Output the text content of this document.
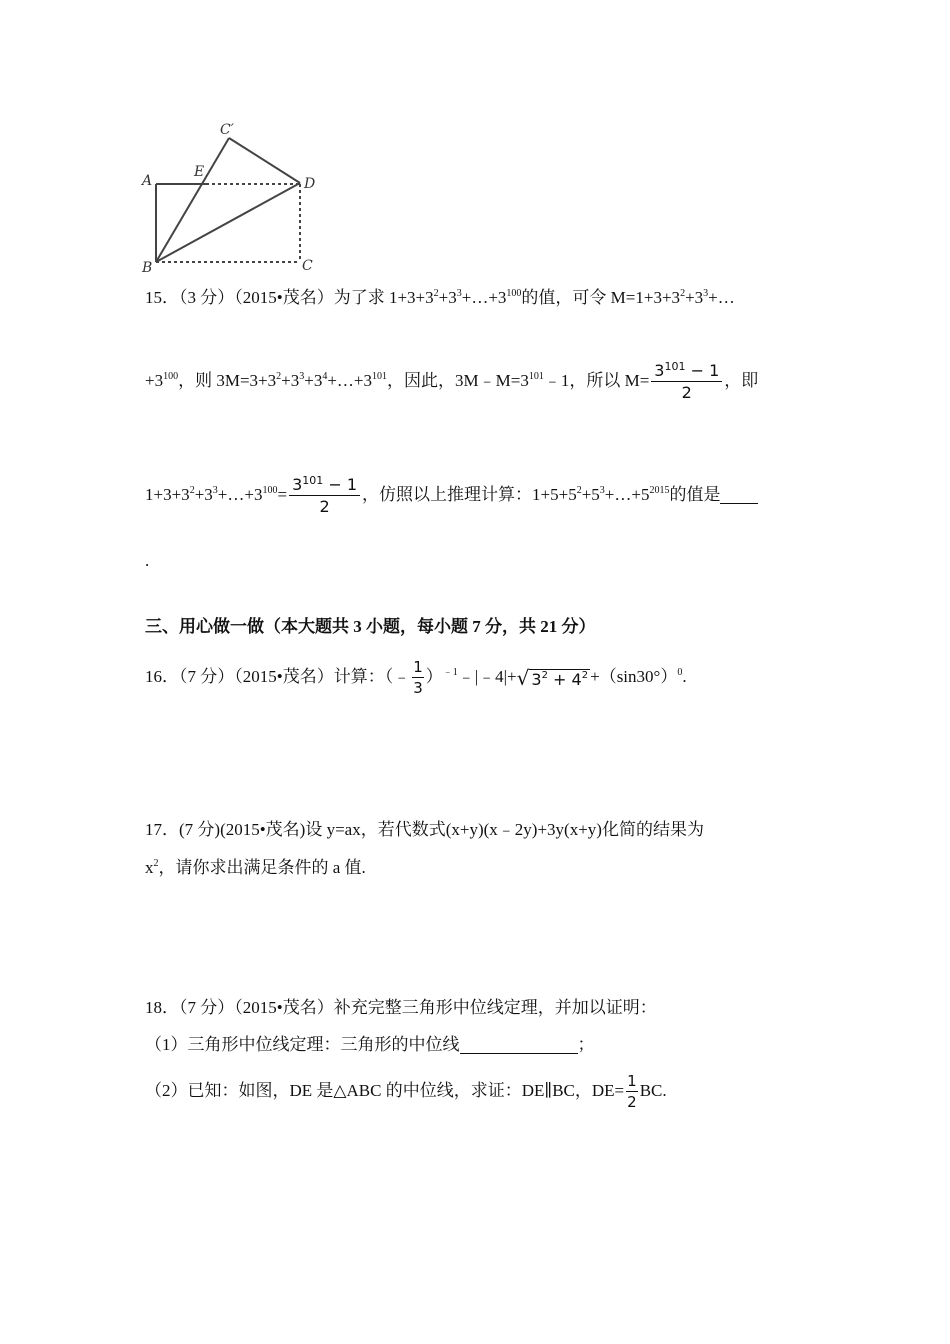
A
B	C
C′
D
E
15．（3 分）（2015•茂名）为了求 $1+3+3^2+3^3+\dots+3^{100}$的值，可令 $M=1+3+3^2+3^3+\dots$
$+3^{100}$，则 $3M=3+3^2+3^3+3^4+\dots+3^{101}$，因此，$3M﹣M=3^{101}﹣1$，所以 $M= \frac{3^{101} - 1}{2}$ ，即
$1+3+3^2+3^3+\dots+3^{100}= \frac{3^{101} - 1}{2}$ ，仿照以上推理计算：$1+5+5^2+5^3+\dots+5^{2015}$的值是
.
三、用心做一做（本大题共 3 小题，每小题 7 分，共 21 分）
16．（7 分）（2015•茂名）计算：（﹣ $\frac{1}{3}$ ）$^{﹣1}$﹣|﹣4|+√ $3^2 + 4^2 +(\sin 30^\circ)^0$.
17．(7 分)(2015•茂名)设 y=ax，若代数式(x+y)(x﹣2y)+3y(x+y)化简的结果为
$x^2$，请你求出满足条件的 a 值.
18．（7 分）（2015•茂名）补充完整三角形中位线定理，并加以证明：
（1）三角形中位线定理：三角形的中位线	；
（2）已知：如图，DE 是△ABC 的中位线，求证：DE∥BC，$DE= \frac{1}{2}$ BC.
